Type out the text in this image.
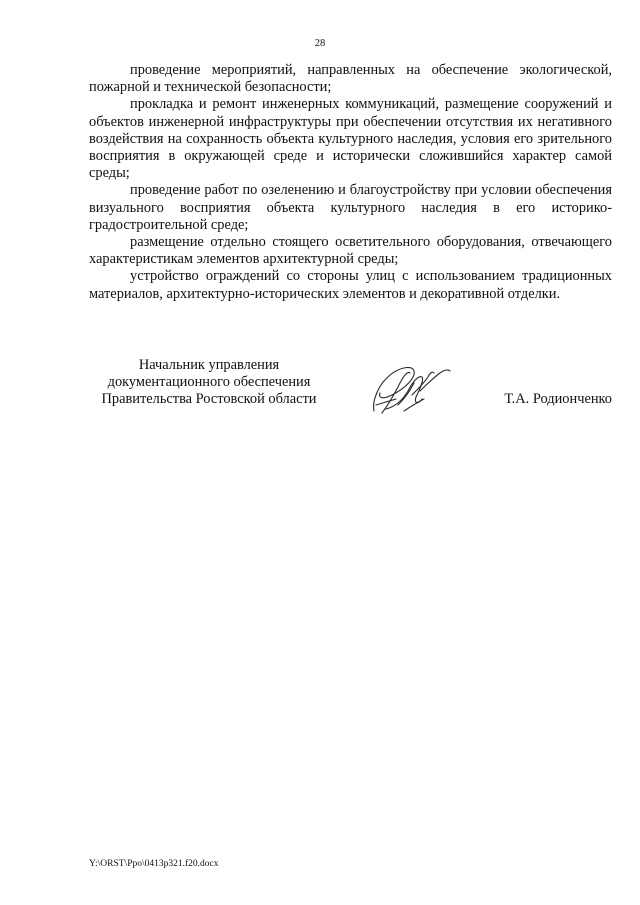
28

проведение мероприятий, направленных на обеспечение экологической, пожарной и технической безопасности;

прокладка и ремонт инженерных коммуникаций, размещение сооружений и объектов инженерной инфраструктуры при обеспечении отсутствия их негативного воздействия на сохранность объекта культурного наследия, условия его зрительного восприятия в окружающей среде и исторически сложившийся характер самой среды;

проведение работ по озеленению и благоустройству при условии обеспечения визуального восприятия объекта культурного наследия в его историко-градостроительной среде;

размещение отдельно стоящего осветительного оборудования, отвечающего характеристикам элементов архитектурной среды;

устройство ограждений со стороны улиц с использованием традиционных материалов, архитектурно-исторических элементов и декоративной отделки.

Начальник управления
документационного обеспечения
Правительства Ростовской области	Т.А. Родионченко
Y:\ORST\Ppo\0413p321.f20.docx
